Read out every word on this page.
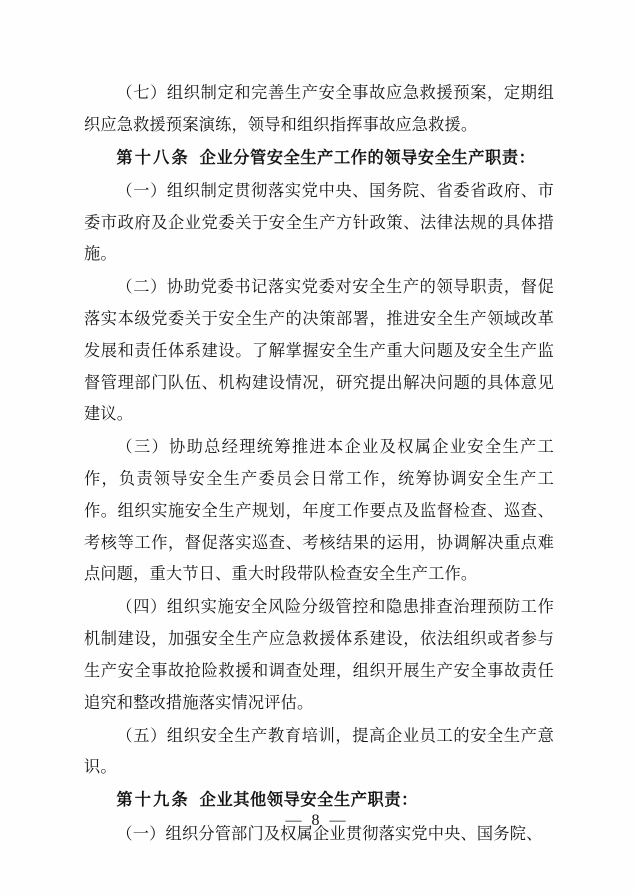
（七）组织制定和完善生产安全事故应急救援预案，定期组织应急救援预案演练，领导和组织指挥事故应急救援。

第十八条 企业分管安全生产工作的领导安全生产职责：

（一）组织制定贯彻落实党中央、国务院、省委省政府、市委市政府及企业党委关于安全生产方针政策、法律法规的具体措施。

（二）协助党委书记落实党委对安全生产的领导职责，督促落实本级党委关于安全生产的决策部署，推进安全生产领域改革发展和责任体系建设。了解掌握安全生产重大问题及安全生产监督管理部门队伍、机构建设情况，研究提出解决问题的具体意见建议。

（三）协助总经理统筹推进本企业及权属企业安全生产工作，负责领导安全生产委员会日常工作，统筹协调安全生产工作。组织实施安全生产规划，年度工作要点及监督检查、巡查、考核等工作，督促落实巡查、考核结果的运用，协调解决重点难点问题，重大节日、重大时段带队检查安全生产工作。

（四）组织实施安全风险分级管控和隐患排查治理预防工作机制建设，加强安全生产应急救援体系建设，依法组织或者参与生产安全事故抢险救援和调查处理，组织开展生产安全事故责任追究和整改措施落实情况评估。

（五）组织安全生产教育培训，提高企业员工的安全生产意识。

第十九条 企业其他领导安全生产职责：

（一）组织分管部门及权属企业贯彻落实党中央、国务院、

— 8 —
